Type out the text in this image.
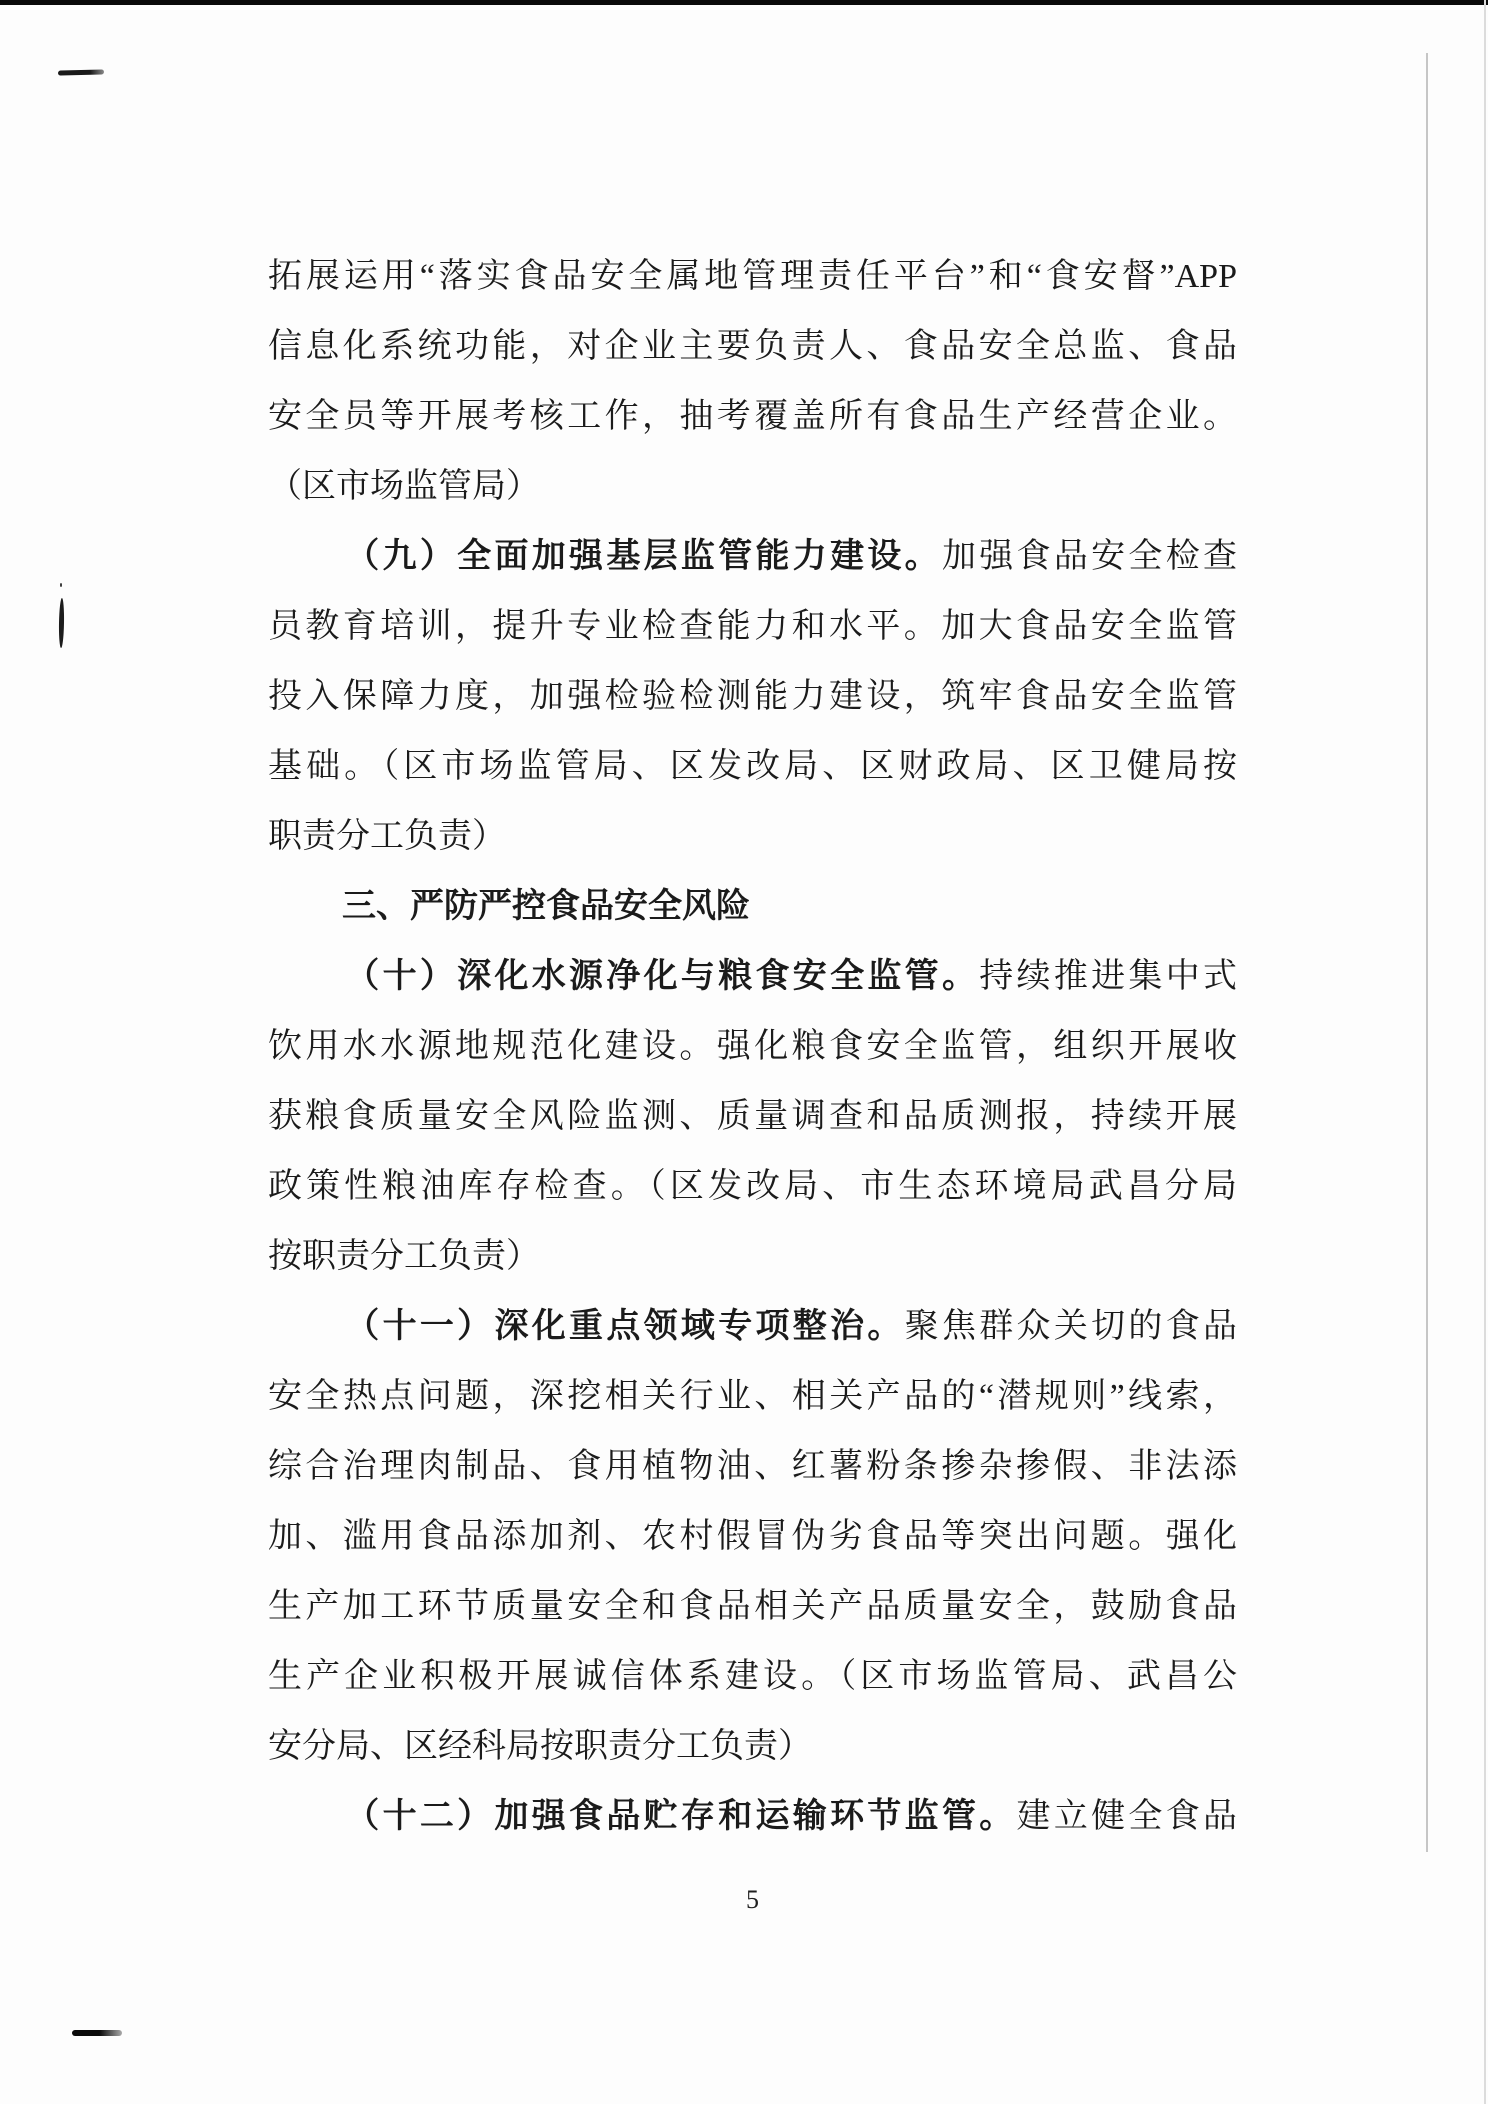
拓展运用“落实食品安全属地管理责任平台”和“食安督”APP
信息化系统功能，对企业主要负责人、食品安全总监、食品
安全员等开展考核工作，抽考覆盖所有食品生产经营企业。
（区市场监管局）
（九）全面加强基层监管能力建设。加强食品安全检查
员教育培训，提升专业检查能力和水平。加大食品安全监管
投入保障力度，加强检验检测能力建设，筑牢食品安全监管
基础。（区市场监管局、区发改局、区财政局、区卫健局按
职责分工负责）
三、严防严控食品安全风险
（十）深化水源净化与粮食安全监管。持续推进集中式
饮用水水源地规范化建设。强化粮食安全监管，组织开展收
获粮食质量安全风险监测、质量调查和品质测报，持续开展
政策性粮油库存检查。（区发改局、市生态环境局武昌分局
按职责分工负责）
（十一）深化重点领域专项整治。聚焦群众关切的食品
安全热点问题，深挖相关行业、相关产品的“潜规则”线索，
综合治理肉制品、食用植物油、红薯粉条掺杂掺假、非法添
加、滥用食品添加剂、农村假冒伪劣食品等突出问题。强化
生产加工环节质量安全和食品相关产品质量安全，鼓励食品
生产企业积极开展诚信体系建设。（区市场监管局、武昌公
安分局、区经科局按职责分工负责）
（十二）加强食品贮存和运输环节监管。建立健全食品
5
